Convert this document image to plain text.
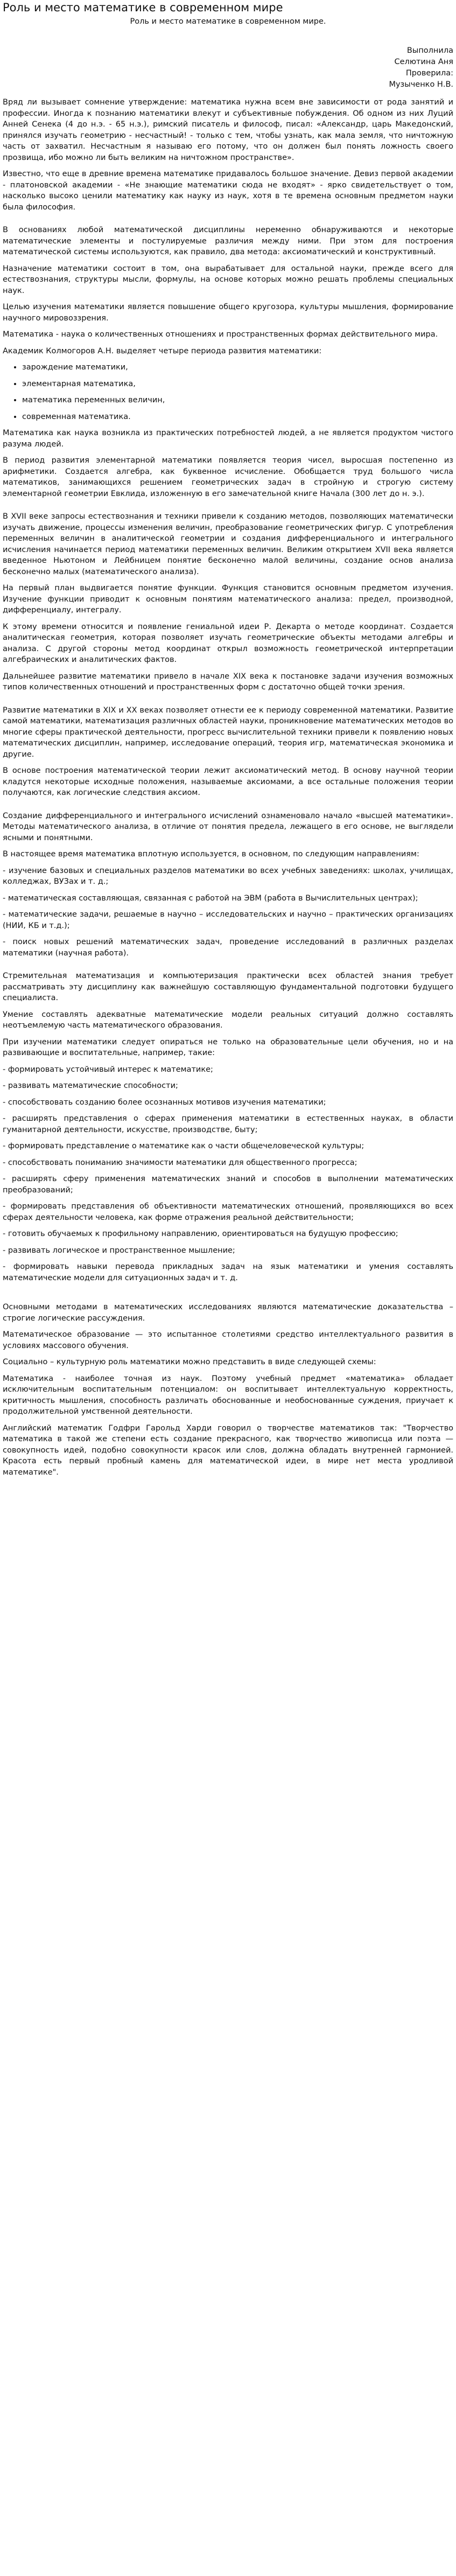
Роль и место математике в современном мире
Роль и место математике в современном мире.
Выполнила
Селютина Аня
Проверила:
Музыченко Н.В.

Вряд ли вызывает сомнение утверждение: математика нужна всем вне зависимости от рода занятий и профессии. Иногда к познанию математики влекут и субъективные побуждения. Об одном из них Луций Анней Сенека (4 до н.э. - 65 н.э.), римский писатель и философ, писал: «Александр, царь Македонский, принялся изучать геометрию - несчастный! - только с тем, чтобы узнать, как мала земля, что ничтожную часть от захватил. Несчастным я называю его потому, что он должен был понять ложность своего прозвища, ибо можно ли быть великим на ничтожном пространстве».

Известно, что еще в древние времена математике придавалось большое значение. Девиз первой академии - платоновской академии - «Не знающие математики сюда не входят» - ярко свидетельствует о том, насколько высоко ценили математику как науку из наук, хотя в те времена основным предметом науки была философия.

В основаниях любой математической дисциплины неременно обнаруживаются и некоторые математические элементы и постулируемые различия между ними. При этом для построения математической системы используются, как правило, два метода: аксиоматический и конструктивный.

Назначение математики состоит в том, она вырабатывает для остальной науки, прежде всего для естествознания, структуры мысли, формулы, на основе которых можно решать проблемы специальных наук.

Целью изучения математики является повышение общего кругозора, культуры мышления, формирование научного мировоззрения.

Математика - наука о количественных отношениях и пространственных формах действительного мира.

Академик Колмогоров А.Н. выделяет четыре периода развития математики:

• зарождение математики,
• элементарная математика,
• математика переменных величин,
• современная математика.

Математика как наука возникла из практических потребностей людей, а не является продуктом чистого разума людей.

В период развития элементарной математики появляется теория чисел, выросшая постепенно из арифметики. Создается алгебра, как буквенное исчисление. Обобщается труд большого числа математиков, занимающихся решением геометрических задач в стройную и строгую систему элементарной геометрии Евклида, изложенную в его замечательной книге Начала (300 лет до н. э.).

В XVII веке запросы естествознания и техники привели к созданию методов, позволяющих математически изучать движение, процессы изменения величин, преобразование геометрических фигур. С употребления переменных величин в аналитической геометрии и создания дифференциального и интегрального исчисления начинается период математики переменных величин. Великим открытием XVII века является введенное Ньютоном и Лейбницем понятие бесконечно малой величины, создание основ анализа бесконечно малых (математического анализа).

На первый план выдвигается понятие функции. Функция становится основным предметом изучения. Изучение функции приводит к основным понятиям математического анализа: предел, производной, дифференциалу, интегралу.

К этому времени относится и появление гениальной идеи Р. Декарта о методе координат. Создается аналитическая геометрия, которая позволяет изучать геометрические объекты методами алгебры и анализа. С другой стороны метод координат открыл возможность геометрической интерпретации алгебраических и аналитических фактов.

Дальнейшее развитие математики привело в начале XIX века к постановке задачи изучения возможных типов количественных отношений и пространственных форм с достаточно общей точки зрения.

Развитие математики в XIX и XX веках позволяет отнести ее к периоду современной математики. Развитие самой математики, математизация различных областей науки, проникновение математических методов во многие сферы практической деятельности, прогресс вычислительной техники привели к появлению новых математических дисциплин, например, исследование операций, теория игр, математическая экономика и другие.

В основе построения математической теории лежит аксиоматический метод. В основу научной теории кладутся некоторые исходные положения, называемые аксиомами, а все остальные положения теории получаются, как логические следствия аксиом.

Создание дифференциального и интегрального исчислений ознаменовало начало «высшей математики». Методы математического анализа, в отличие от понятия предела, лежащего в его основе, не выглядели ясными и понятными.

В настоящее время математика вплотную используется, в основном, по следующим направлениям:

- изучение базовых и специальных разделов математики во всех учебных заведениях: школах, училищах, колледжах, ВУЗах и т. д.;

- математическая составляющая, связанная с работой на ЭВМ (работа в Вычислительных центрах);

- математические задачи, решаемые в научно – исследовательских и научно – практических организациях (НИИ, КБ и т.д.);

- поиск новых решений математических задач, проведение исследований в различных разделах математики (научная работа).

Стремительная математизация и компьютеризация практически всех областей знания требует рассматривать эту дисциплину как важнейшую составляющую фундаментальной подготовки будущего специалиста.

Умение составлять адекватные математические модели реальных ситуаций должно составлять неотъемлемую часть математического образования.

При изучении математики следует опираться не только на образовательные цели обучения, но и на развивающие и воспитательные, например, такие:

- формировать устойчивый интерес к математике;

- развивать математические способности;

- способствовать созданию более осознанных мотивов изучения математики;

- расширять представления о сферах применения математики в естественных науках, в области гуманитарной деятельности, искусстве, производстве, быту;

- формировать представление о математике как о части общечеловеческой культуры;

- способствовать пониманию значимости математики для общественного прогресса;

- расширять сферу применения математических знаний и способов в выполнении математических преобразований;

- формировать представления об объективности математических отношений, проявляющихся во всех сферах деятельности человека, как форме отражения реальной действительности;

- готовить обучаемых к профильному направлению, ориентироваться на будущую профессию;

- развивать логическое и пространственное мышление;

- формировать навыки перевода прикладных задач на язык математики и умения составлять математические модели для ситуационных задач и т. д.

Основными методами в математических исследованиях являются математические доказательства – строгие логические рассуждения.

Математическое образование — это испытанное столетиями средство интеллектуального развития в условиях массового обучения.

Социально – культурную роль математики можно представить в виде следующей схемы:

Математика - наиболее точная из наук. Поэтому учебный предмет «математика» обладает исключительным воспитательным потенциалом: он воспитывает интеллектуальную корректность, критичность мышления, способность различать обоснованные и необоснованные суждения, приучает к продолжительной умственной деятельности.

Английский математик Годфри Гарольд Харди говорил о творчестве математиков так: "Творчество математика в такой же степени есть создание прекрасного, как творчество живописца или поэта — совокупность идей, подобно совокупности красок или слов, должна обладать внутренней гармонией. Красота есть первый пробный камень для математической идеи, в мире нет места уродливой математике".
